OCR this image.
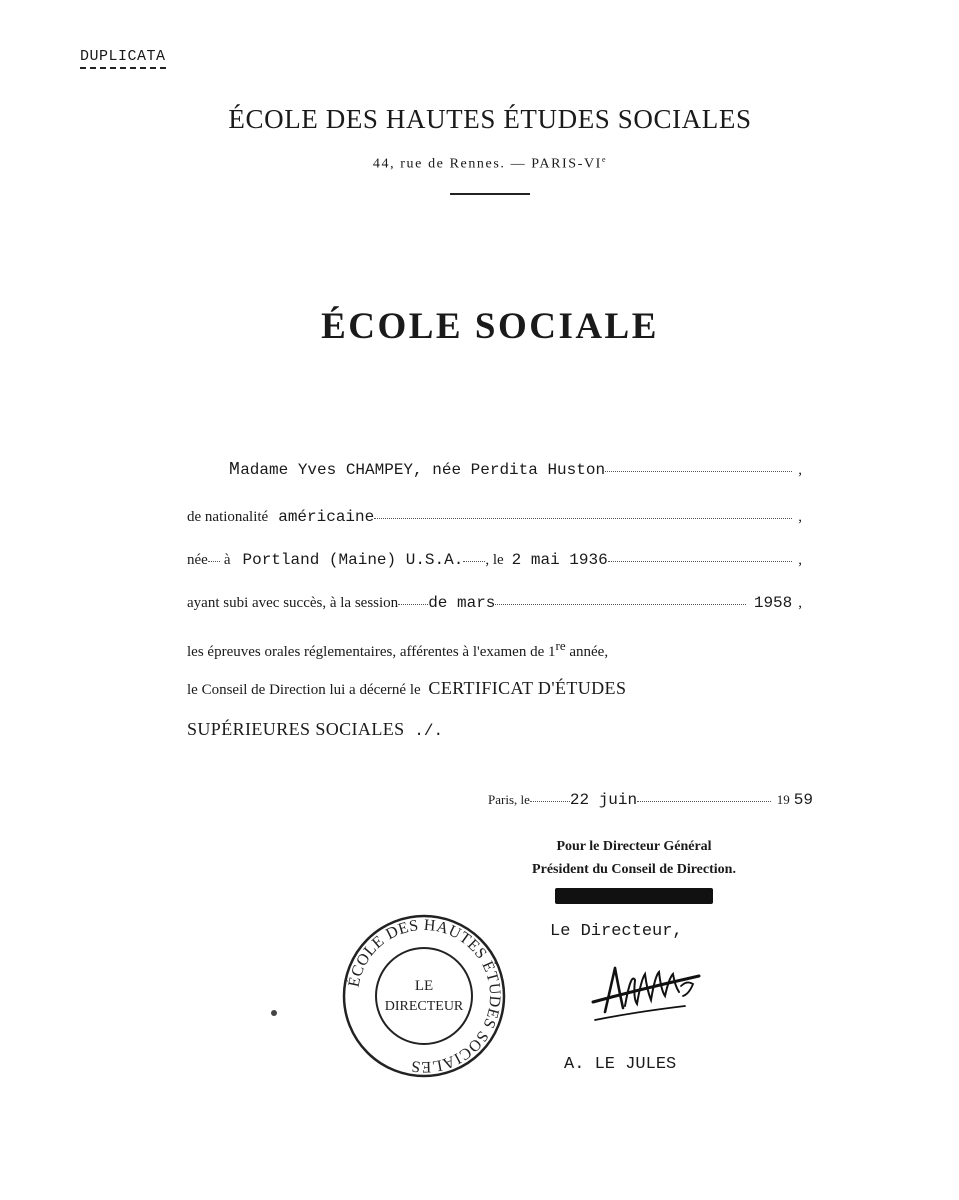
DUPLICATA
ÉCOLE DES HAUTES ÉTUDES SOCIALES
44, rue de Rennes. — PARIS-VIe
ÉCOLE SOCIALE
M adame Yves CHAMPEY, née Perdita Huston	,
de nationalité américaine	,
née à Portland (Maine) U.S.A. , le 2 mai 1936	,
ayant subi avec succès, à la session de mars	1958 ,
les épreuves orales réglementaires, afférentes à l'examen de 1re année,
le Conseil de Direction lui a décerné le CERTIFICAT D'ÉTUDES
SUPÉRIEURES SOCIALES ./.
Paris, le	22 juin	19 59
Pour le Directeur Général
Président du Conseil de Direction.
Le Directeur,
A. LE JULES
ÉCOLE DES HAUTES ÉTUDES SOCIALES
LE
DIRECTEUR
